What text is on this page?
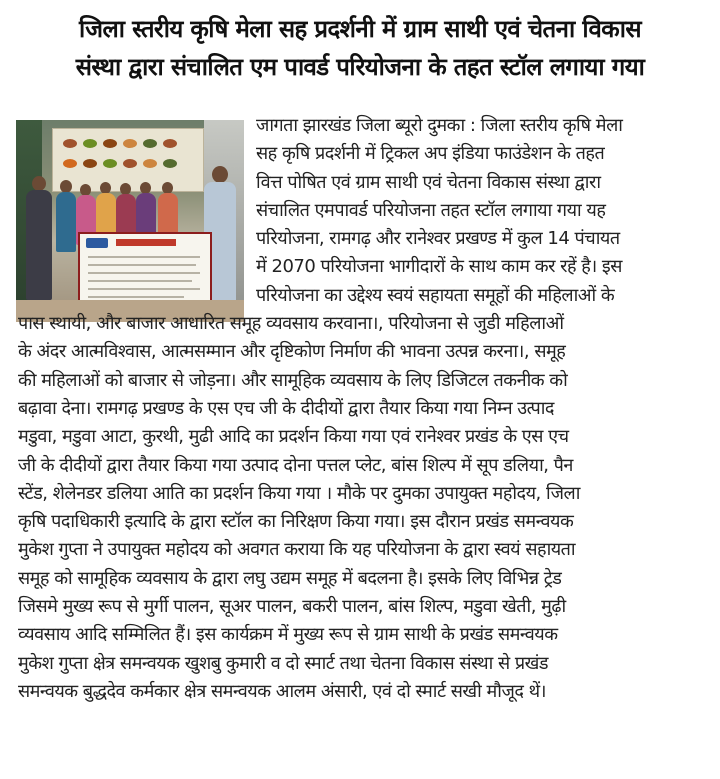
जिला स्तरीय कृषि मेला सह प्रदर्शनी में ग्राम साथी एवं चेतना विकास
संस्था द्वारा संचालित एम पावर्ड परियोजना के तहत स्टॉल लगाया गया
जागता झारखंड जिला ब्यूरो दुमका : जिला स्तरीय कृषि मेला
सह कृषि प्रदर्शनी में ट्रिकल अप इंडिया फाउंडेशन के तहत
वित्त पोषित एवं ग्राम साथी एवं चेतना विकास संस्था द्वारा
संचालित एमपावर्ड परियोजना तहत स्टॉल लगाया गया यह
परियोजना, रामगढ़ और रानेश्वर प्रखण्ड में कुल 14 पंचायत
में 2070 परियोजना भागीदारों के साथ काम कर रहें है। इस
परियोजना का उद्देश्य स्वयं सहायता समूहों की महिलाओं के
पास स्थायी, और बाजार आधारित समूह व्यवसाय करवाना।, परियोजना से जुडी महिलाओं
के अंदर आत्मविश्वास, आत्मसम्मान और दृष्टिकोण निर्माण की भावना उत्पन्न करना।, समूह
की महिलाओं को बाजार से जोड़ना। और सामूहिक व्यवसाय के लिए डिजिटल तकनीक को
बढ़ावा देना। रामगढ़ प्रखण्ड के एस एच जी के दीदीयों द्वारा तैयार किया गया निम्न उत्पाद
मडुवा, मडुवा आटा, कुरथी, मुढी आदि का प्रदर्शन किया गया एवं रानेश्वर प्रखंड के एस एच
जी के दीदीयों द्वारा तैयार किया गया उत्पाद दोना पत्तल प्लेट, बांस शिल्प में सूप डलिया, पैन
स्टेंड, शेलेनडर डलिया आति का प्रदर्शन किया गया । मौके पर दुमका उपायुक्त महोदय, जिला
कृषि पदाधिकारी इत्यादि के द्वारा स्टॉल का निरिक्षण किया गया। इस दौरान प्रखंड समन्वयक
मुकेश गुप्ता ने उपायुक्त महोदय को अवगत कराया कि यह परियोजना के द्वारा स्वयं सहायता
समूह को सामूहिक व्यवसाय के द्वारा लघु उद्यम समूह में बदलना है। इसके लिए विभिन्न ट्रेड
जिसमे मुख्य रूप से मुर्गी पालन, सूअर पालन, बकरी पालन, बांस शिल्प, मडुवा खेती, मुढ़ी
व्यवसाय आदि सम्मिलित हैं। इस कार्यक्रम में मुख्य रूप से ग्राम साथी के प्रखंड समन्वयक
मुकेश गुप्ता क्षेत्र समन्वयक खुशबु कुमारी व दो स्मार्ट तथा चेतना विकास संस्था से प्रखंड
समन्वयक बुद्धदेव कर्मकार क्षेत्र समन्वयक आलम अंसारी, एवं दो स्मार्ट सखी मौजूद थें।
